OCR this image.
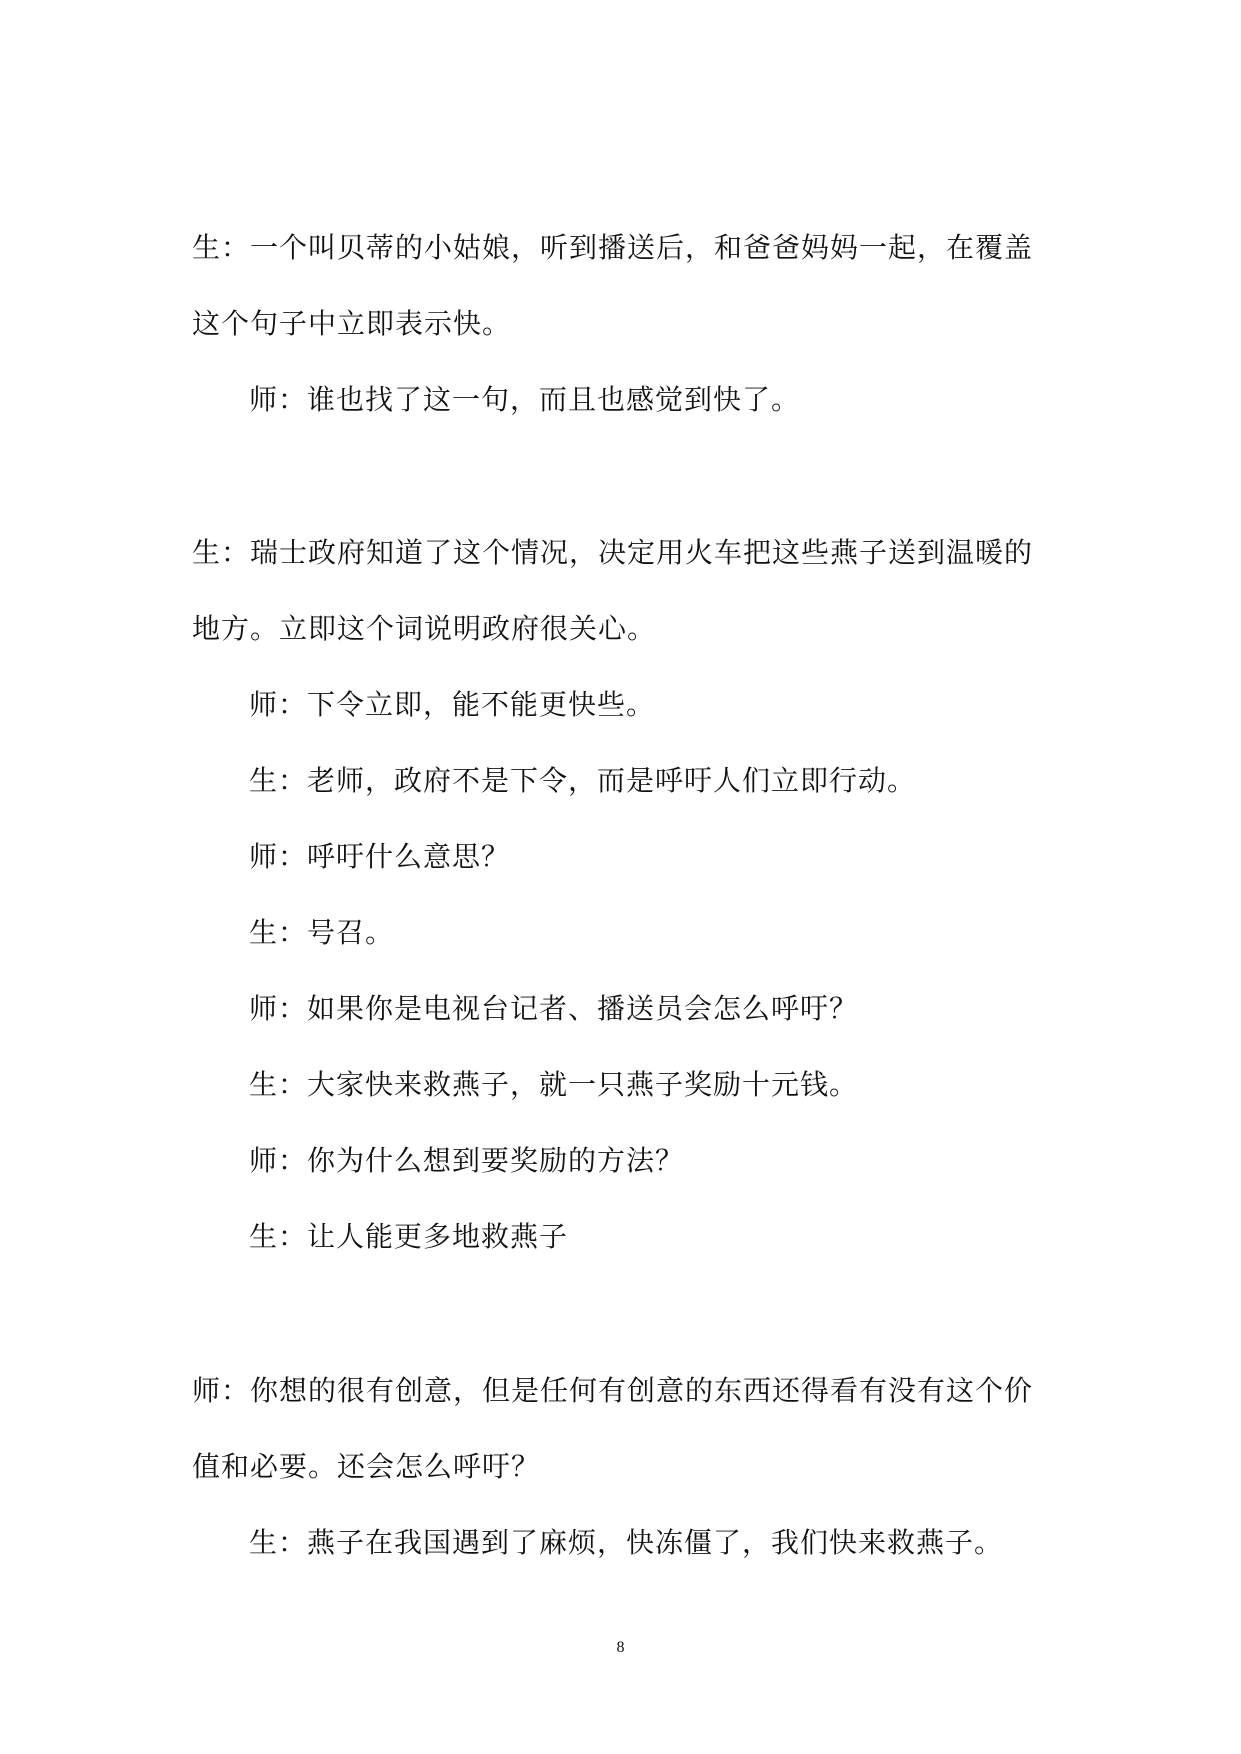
生：一个叫贝蒂的小姑娘，听到播送后，和爸爸妈妈一起，在覆盖
这个句子中立即表示快。
师：谁也找了这一句，而且也感觉到快了。
生：瑞士政府知道了这个情况，决定用火车把这些燕子送到温暖的
地方。立即这个词说明政府很关心。
师：下令立即，能不能更快些。
生：老师，政府不是下令，而是呼吁人们立即行动。
师：呼吁什么意思？
生：号召。
师：如果你是电视台记者、播送员会怎么呼吁？
生：大家快来救燕子，就一只燕子奖励十元钱。
师：你为什么想到要奖励的方法？
生：让人能更多地救燕子
师：你想的很有创意，但是任何有创意的东西还得看有没有这个价
值和必要。还会怎么呼吁？
生：燕子在我国遇到了麻烦，快冻僵了，我们快来救燕子。
8
